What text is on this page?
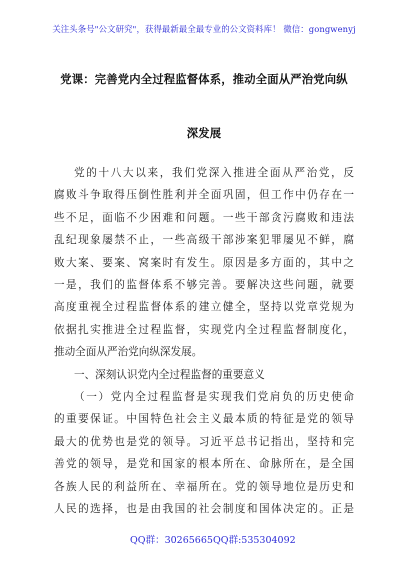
关注头条号"公文研究"，获得最新最全最专业的公文资料库！ 微信：gongwenyj
党课：完善党内全过程监督体系，推动全面从严治党向纵
深发展
党的十八大以来，我们党深入推进全面从严治党，反
腐败斗争取得压倒性胜利并全面巩固，但工作中仍存在一
些不足，面临不少困难和问题。一些干部贪污腐败和违法
乱纪现象屡禁不止，一些高级干部涉案犯罪屡见不鲜，腐
败大案、要案、窝案时有发生。原因是多方面的，其中之
一是，我们的监督体系不够完善。要解决这些问题，就要
高度重视全过程监督体系的建立健全，坚持以党章党规为
依据扎实推进全过程监督，实现党内全过程监督制度化，
推动全面从严治党向纵深发展。
一、深刻认识党内全过程监督的重要意义
（一）党内全过程监督是实现我们党肩负的历史使命
的重要保证。中国特色社会主义最本质的特征是党的领导
最大的优势也是党的领导。习近平总书记指出，坚持和完
善党的领导，是党和国家的根本所在、命脉所在，是全国
各族人民的利益所在、幸福所在。党的领导地位是历史和
人民的选择，也是由我国的社会制度和国体决定的。正是
QQ群：30265665 QQ群:535304092
